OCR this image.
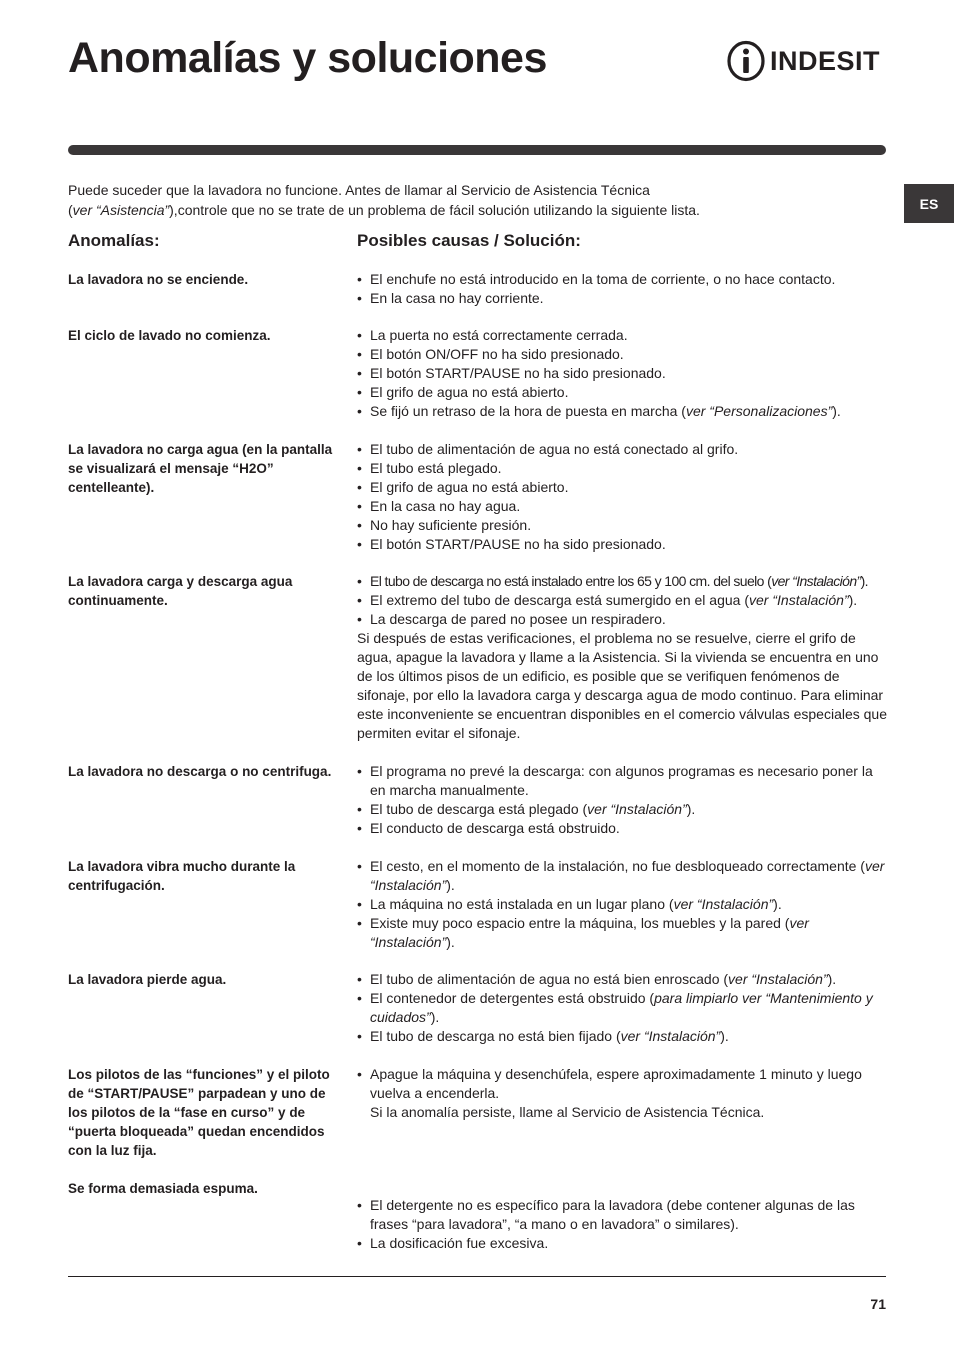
Anomalías y soluciones	INDESIT
ES
Puede suceder que la lavadora no funcione. Antes de llamar al Servicio de Asistencia Técnica
(ver “Asistencia”),controle que no se trate de un problema de fácil solución utilizando la siguiente lista.
Anomalías:	Posibles causas / Solución:
La lavadora no se enciende.	• El enchufe no está introducido en la toma de corriente, o no hace contacto.
• En la casa no hay corriente.
El ciclo de lavado no comienza.	• La puerta no está correctamente cerrada.
• El botón ON/OFF no ha sido presionado.
• El botón START/PAUSE no ha sido presionado.
• El grifo de agua no está abierto.
• Se fijó un retraso de la hora de puesta en marcha (ver “Personalizaciones”).
La lavadora no carga agua (en la pantalla se visualizará el mensaje “H2O” centelleante).
• El tubo de alimentación de agua no está conectado al grifo.
• El tubo está plegado.
• El grifo de agua no está abierto.
• En la casa no hay agua.
• No hay suficiente presión.
• El botón START/PAUSE no ha sido presionado.
La lavadora carga y descarga agua continuamente.
• El tubo de descarga no está instalado entre los 65 y 100 cm. del suelo (ver “Instalación”).
• El extremo del tubo de descarga está sumergido en el agua (ver “Instalación”).
• La descarga de pared no posee un respiradero.

Si después de estas verificaciones, el problema no se resuelve, cierre el grifo de agua, apague la lavadora y llame a la Asistencia. Si la vivienda se encuentra en uno de los últimos pisos de un edificio, es posible que se verifiquen fenómenos de sifonaje, por ello la lavadora carga y descarga agua de modo continuo. Para eliminar este inconveniente se encuentran disponibles en el comercio válvulas especiales que permiten evitar el sifonaje.

La lavadora no descarga o no centrifuga.	• El programa no prevé la descarga: con algunos programas es necesario poner la en marcha manualmente.
• El tubo de descarga está plegado (ver “Instalación”).
• El conducto de descarga está obstruido.
La lavadora vibra mucho durante la centrifugación.
• El cesto, en el momento de la instalación, no fue desbloqueado correctamente (ver “Instalación”).
• La máquina no está instalada en un lugar plano (ver “Instalación”).
• Existe muy poco espacio entre la máquina, los muebles y la pared (ver “Instalación”).
La lavadora pierde agua.	• El tubo de alimentación de agua no está bien enroscado (ver “Instalación”).
• El contenedor de detergentes está obstruido (para limpiarlo ver “Mantenimiento y cuidados”).
• El tubo de descarga no está bien fijado (ver “Instalación”).
Los pilotos de las “funciones” y el piloto de “START/PAUSE” parpadean y uno de los pilotos de la “fase en curso” y de “puerta bloqueada” quedan encendidos con la luz fija.
• Apague la máquina y desenchúfela, espere aproximadamente 1 minuto y luego vuelva a encenderla.

Si la anomalía persiste, llame al Servicio de Asistencia Técnica.

Se forma demasiada espuma.
• El detergente no es específico para la lavadora (debe contener algunas de las frases “para lavadora”, “a mano o en lavadora” o similares).
• La dosificación fue excesiva.
71
